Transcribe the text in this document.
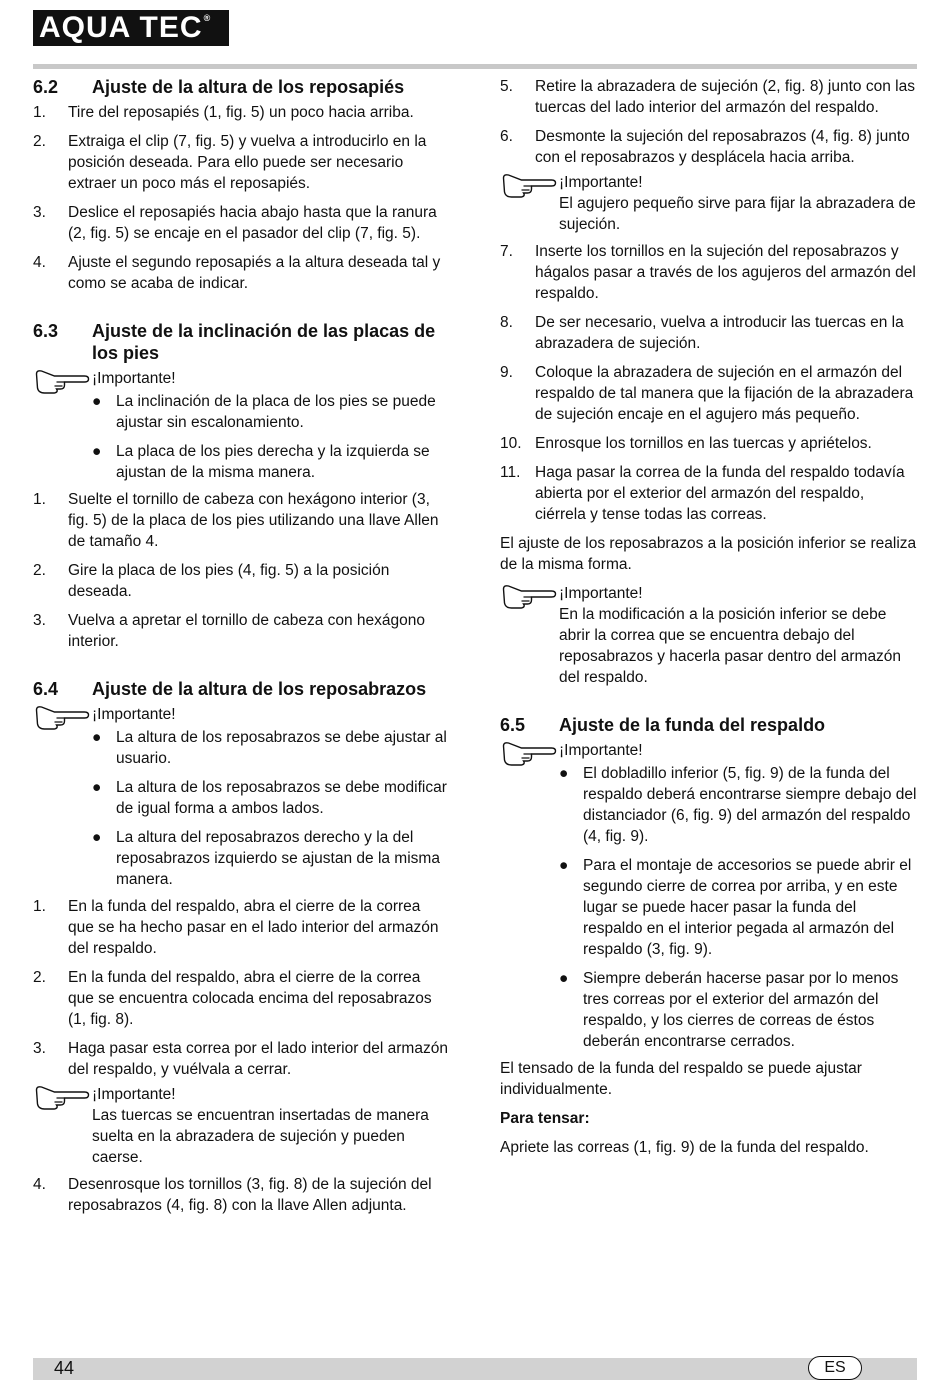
AQUA TEC®
6.2	Ajuste de la altura de los reposapiés
1.	Tire del reposapiés (1, fig. 5) un poco hacia arriba.
2.	Extraiga el clip (7, fig. 5) y vuelva a introducirlo en la posición deseada. Para ello puede ser necesario extraer un poco más el reposapiés.
3.	Deslice el reposapiés hacia abajo hasta que la ranura (2, fig. 5) se encaje en el pasador del clip (7, fig. 5).
4.	Ajuste el segundo reposapiés a la altura deseada tal y como se acaba de indicar.
6.3	Ajuste de la inclinación de las placas de los pies
¡Importante!
● La inclinación de la placa de los pies se puede ajustar sin escalonamiento.
● La placa de los pies derecha y la izquierda se ajustan de la misma manera.
1.	Suelte el tornillo de cabeza con hexágono interior (3, fig. 5) de la placa de los pies utilizando una llave Allen de tamaño 4.
2.	Gire la placa de los pies (4, fig. 5) a la posición deseada.
3.	Vuelva a apretar el tornillo de cabeza con hexágono interior.
6.4	Ajuste de la altura de los reposabrazos
¡Importante!
● La altura de los reposabrazos se debe ajustar al usuario.
● La altura de los reposabrazos se debe modificar de igual forma a ambos lados.
● La altura del reposabrazos derecho y la del reposabrazos izquierdo se ajustan de la misma manera.
1.	En la funda del respaldo, abra el cierre de la correa que se ha hecho pasar en el lado interior del armazón del respaldo.
2.	En la funda del respaldo, abra el cierre de la correa que se encuentra colocada encima del reposabrazos (1, fig. 8).
3.	Haga pasar esta correa por el lado interior del armazón del respaldo, y vuélvala a cerrar.
¡Importante!
Las tuercas se encuentran insertadas de manera suelta en la abrazadera de sujeción y pueden caerse.
4.	Desenrosque los tornillos (3, fig. 8) de la sujeción del reposabrazos (4, fig. 8) con la llave Allen adjunta.
5.	Retire la abrazadera de sujeción (2, fig. 8) junto con las tuercas del lado interior del armazón del respaldo.
6.	Desmonte la sujeción del reposabrazos (4, fig. 8) junto con el reposabrazos y desplácela hacia arriba.
¡Importante!
El agujero pequeño sirve para fijar la abrazadera de sujeción.
7.	Inserte los tornillos en la sujeción del reposabrazos y hágalos pasar a través de los agujeros del armazón del respaldo.
8.	De ser necesario, vuelva a introducir las tuercas en la abrazadera de sujeción.
9.	Coloque la abrazadera de sujeción en el armazón del respaldo de tal manera que la fijación de la abrazadera de sujeción encaje en el agujero más pequeño.
10. Enrosque los tornillos en las tuercas y apriételos.
11. Haga pasar la correa de la funda del respaldo todavía abierta por el exterior del armazón del respaldo, ciérrela y tense todas las correas.
El ajuste de los reposabrazos a la posición inferior se realiza de la misma forma.
¡Importante!
En la modificación a la posición inferior se debe abrir la correa que se encuentra debajo del reposabrazos y hacerla pasar dentro del armazón del respaldo.
6.5	Ajuste de la funda del respaldo
¡Importante!
● El dobladillo inferior (5, fig. 9) de la funda del respaldo deberá encontrarse siempre debajo del distanciador (6, fig. 9) del armazón del respaldo (4, fig. 9).
● Para el montaje de accesorios se puede abrir el segundo cierre de correa por arriba, y en este lugar se puede hacer pasar la funda del respaldo en el interior pegada al armazón del respaldo (3, fig. 9).
● Siempre deberán hacerse pasar por lo menos tres correas por el exterior del armazón del respaldo, y los cierres de correas de éstos deberán encontrarse cerrados.
El tensado de la funda del respaldo se puede ajustar individualmente.
Para tensar:
Apriete las correas (1, fig. 9) de la funda del respaldo.
44	ES
